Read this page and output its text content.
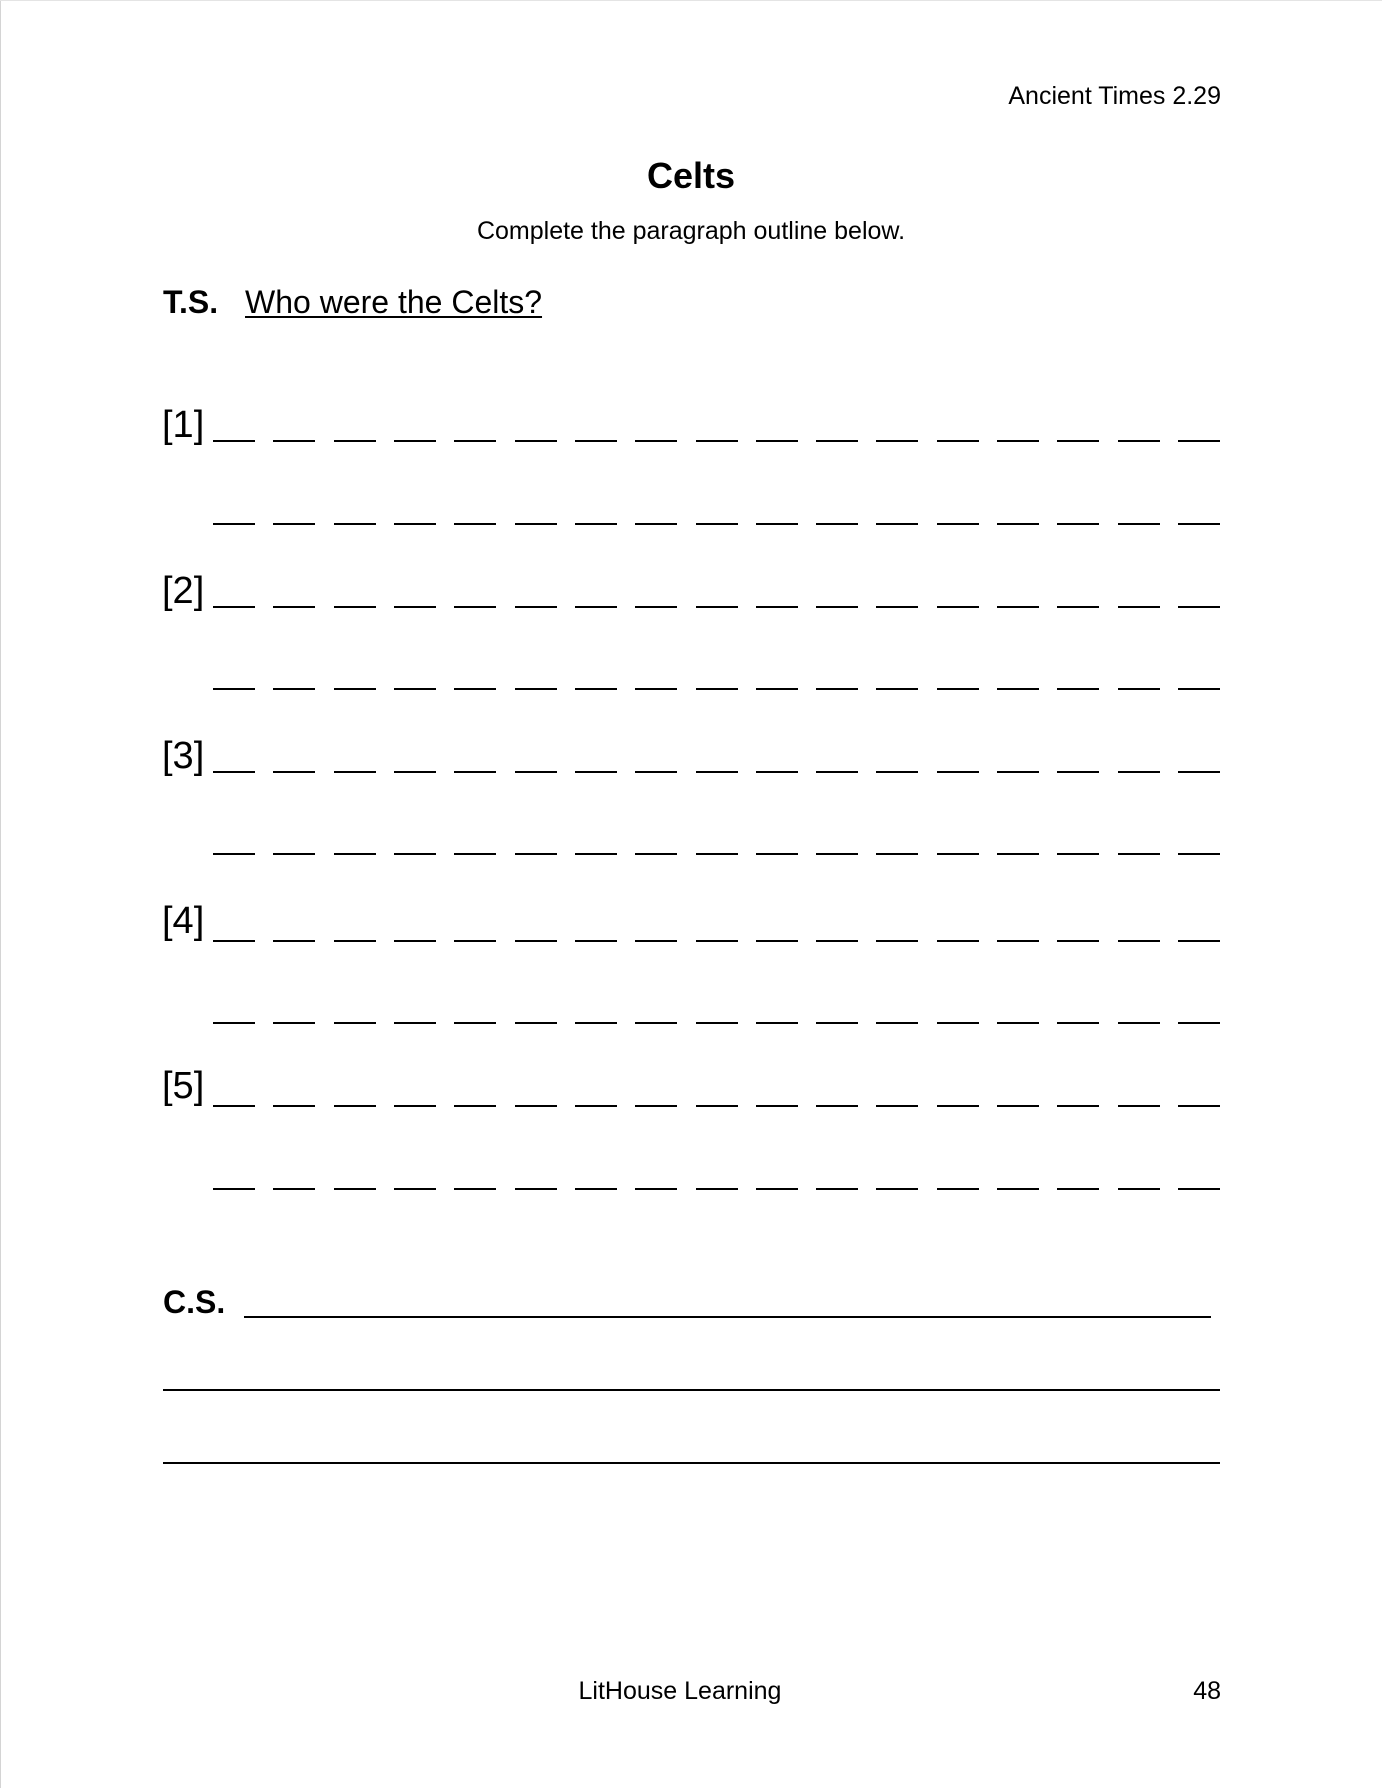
Ancient Times 2.29
Celts
Complete the paragraph outline below.
T.S. Who were the Celts?
[1]
[2]
[3]
[4]
[5]
C.S.
LitHouse Learning	48
